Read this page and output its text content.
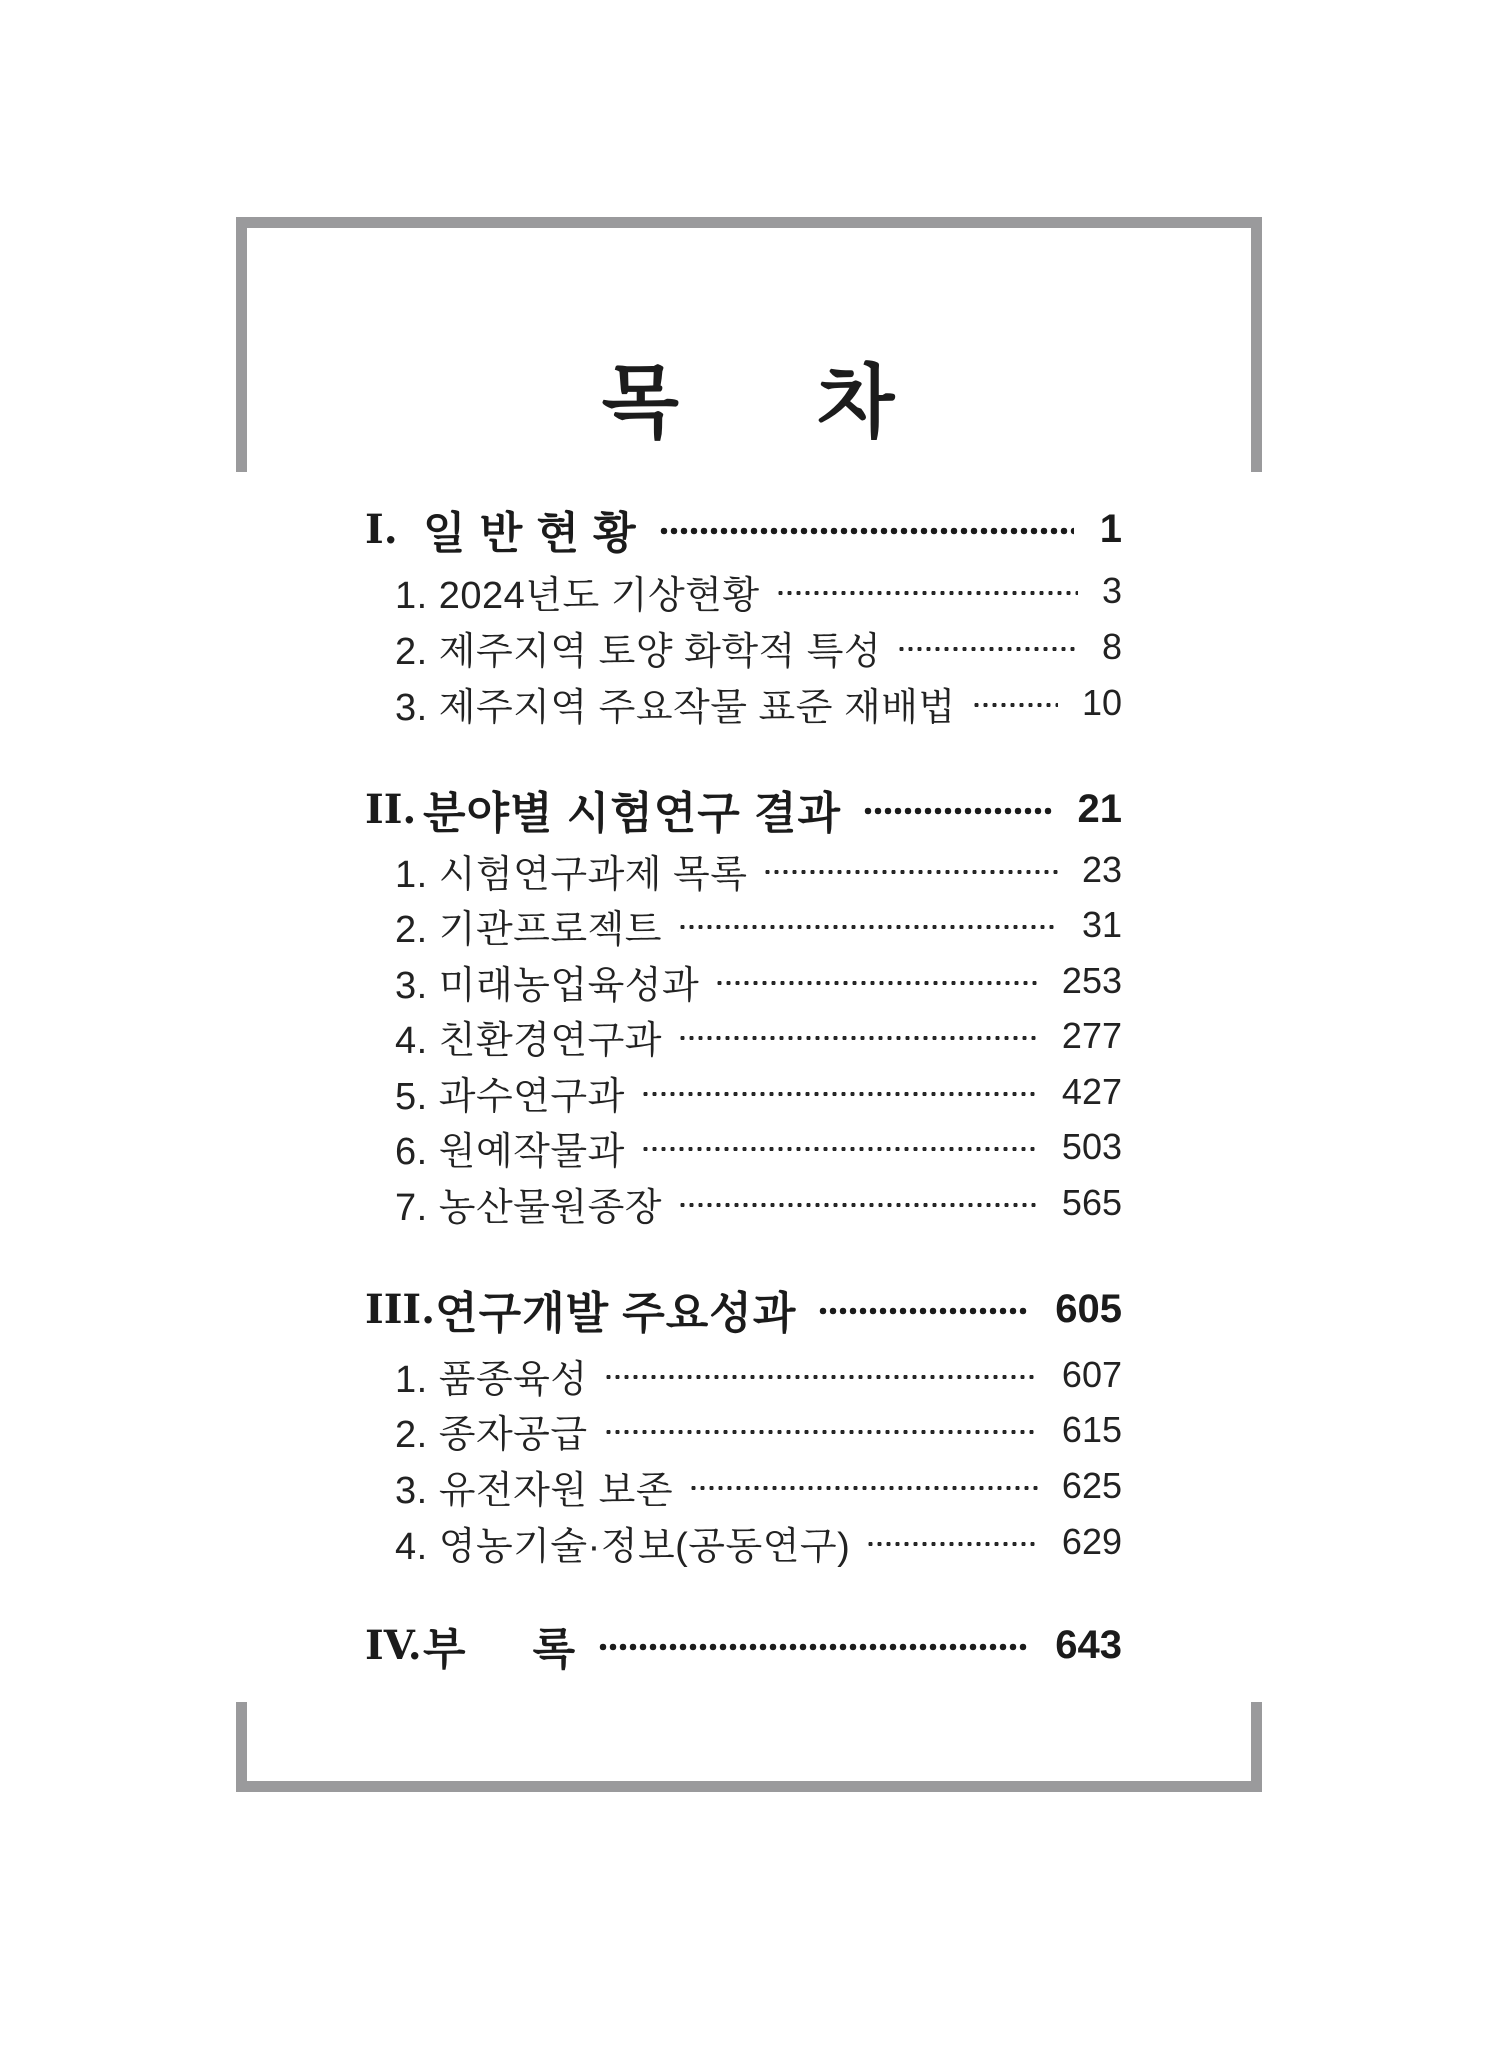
목 차
I. 일 반 현 황	1
1. 2024년도 기상현황	3
2. 제주지역 토양 화학적 특성	8
3. 제주지역 주요작물 표준 재배법	10
II. 분야별 시험연구 결과	21
1. 시험연구과제 목록	23
2. 기관프로젝트	31
3. 미래농업육성과	253
4. 친환경연구과	277
5. 과수연구과	427
6. 원예작물과	503
7. 농산물원종장	565
III. 연구개발 주요성과	605
1. 품종육성	607
2. 종자공급	615
3. 유전자원 보존	625
4. 영농기술·정보(공동연구)	629
IV. 부     록	643
